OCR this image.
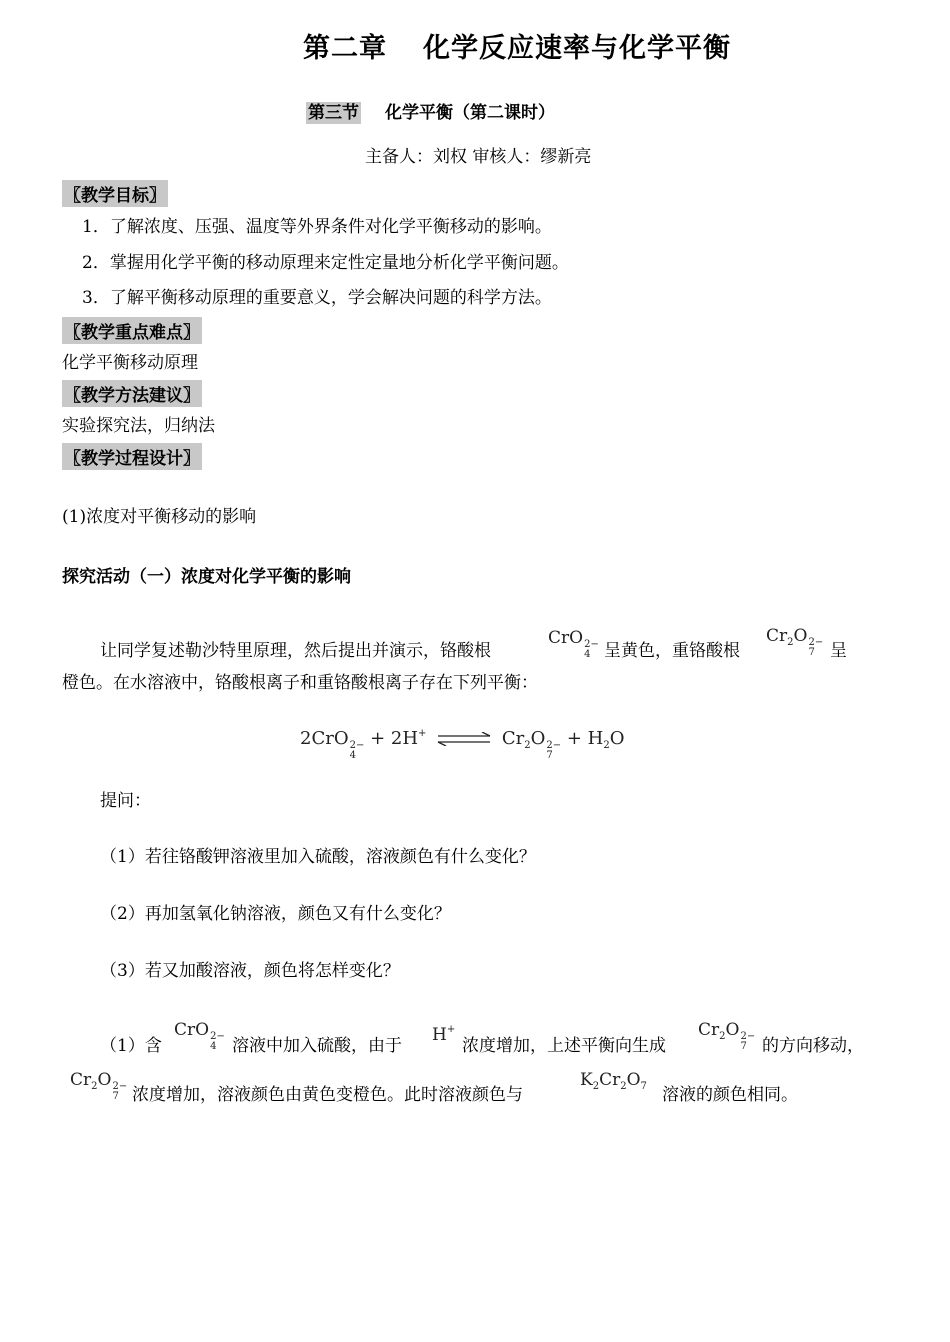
第二章 化学反应速率与化学平衡
第三节 化学平衡（第二课时）
主备人：刘权 审核人：缪新亮
〖教学目标〗
1．了解浓度、压强、温度等外界条件对化学平衡移动的影响。
2．掌握用化学平衡的移动原理来定性定量地分析化学平衡问题。
3．了解平衡移动原理的重要意义，学会解决问题的科学方法。
〖教学重点难点〗
化学平衡移动原理
〖教学方法建议〗
实验探究法，归纳法
〖教学过程设计〗
(1)浓度对平衡移动的影响
探究活动（一）浓度对化学平衡的影响
让同学复述勒沙特里原理，然后提出并演示，铬酸根
CrO 2−
4 呈黄色，重铬酸根
$Cr_2O$ 2−
7 呈
橙色。在水溶液中，铬酸根离子和重铬酸根离子存在下列平衡：
2CrO 2−
4
+ 2H+ ⇌ $Cr_2O$ 2−
7
+ $H_2O$
提问：
（1）若往铬酸钾溶液里加入硫酸，溶液颜色有什么变化？
（2）再加氢氧化钠溶液，颜色又有什么变化？
（3）若又加酸溶液，颜色将怎样变化？
（1）含
CrO 2−
4 溶液中加入硫酸，由于
H+
浓度增加，上述平衡向生成
$Cr_2O$ 2−
7 的方向移动，
$Cr_2O$ 2−
7 浓度增加，溶液颜色由黄色变橙色。此时溶液颜色与
$K_2Cr_2O_7$ 溶液的颜色相同。
